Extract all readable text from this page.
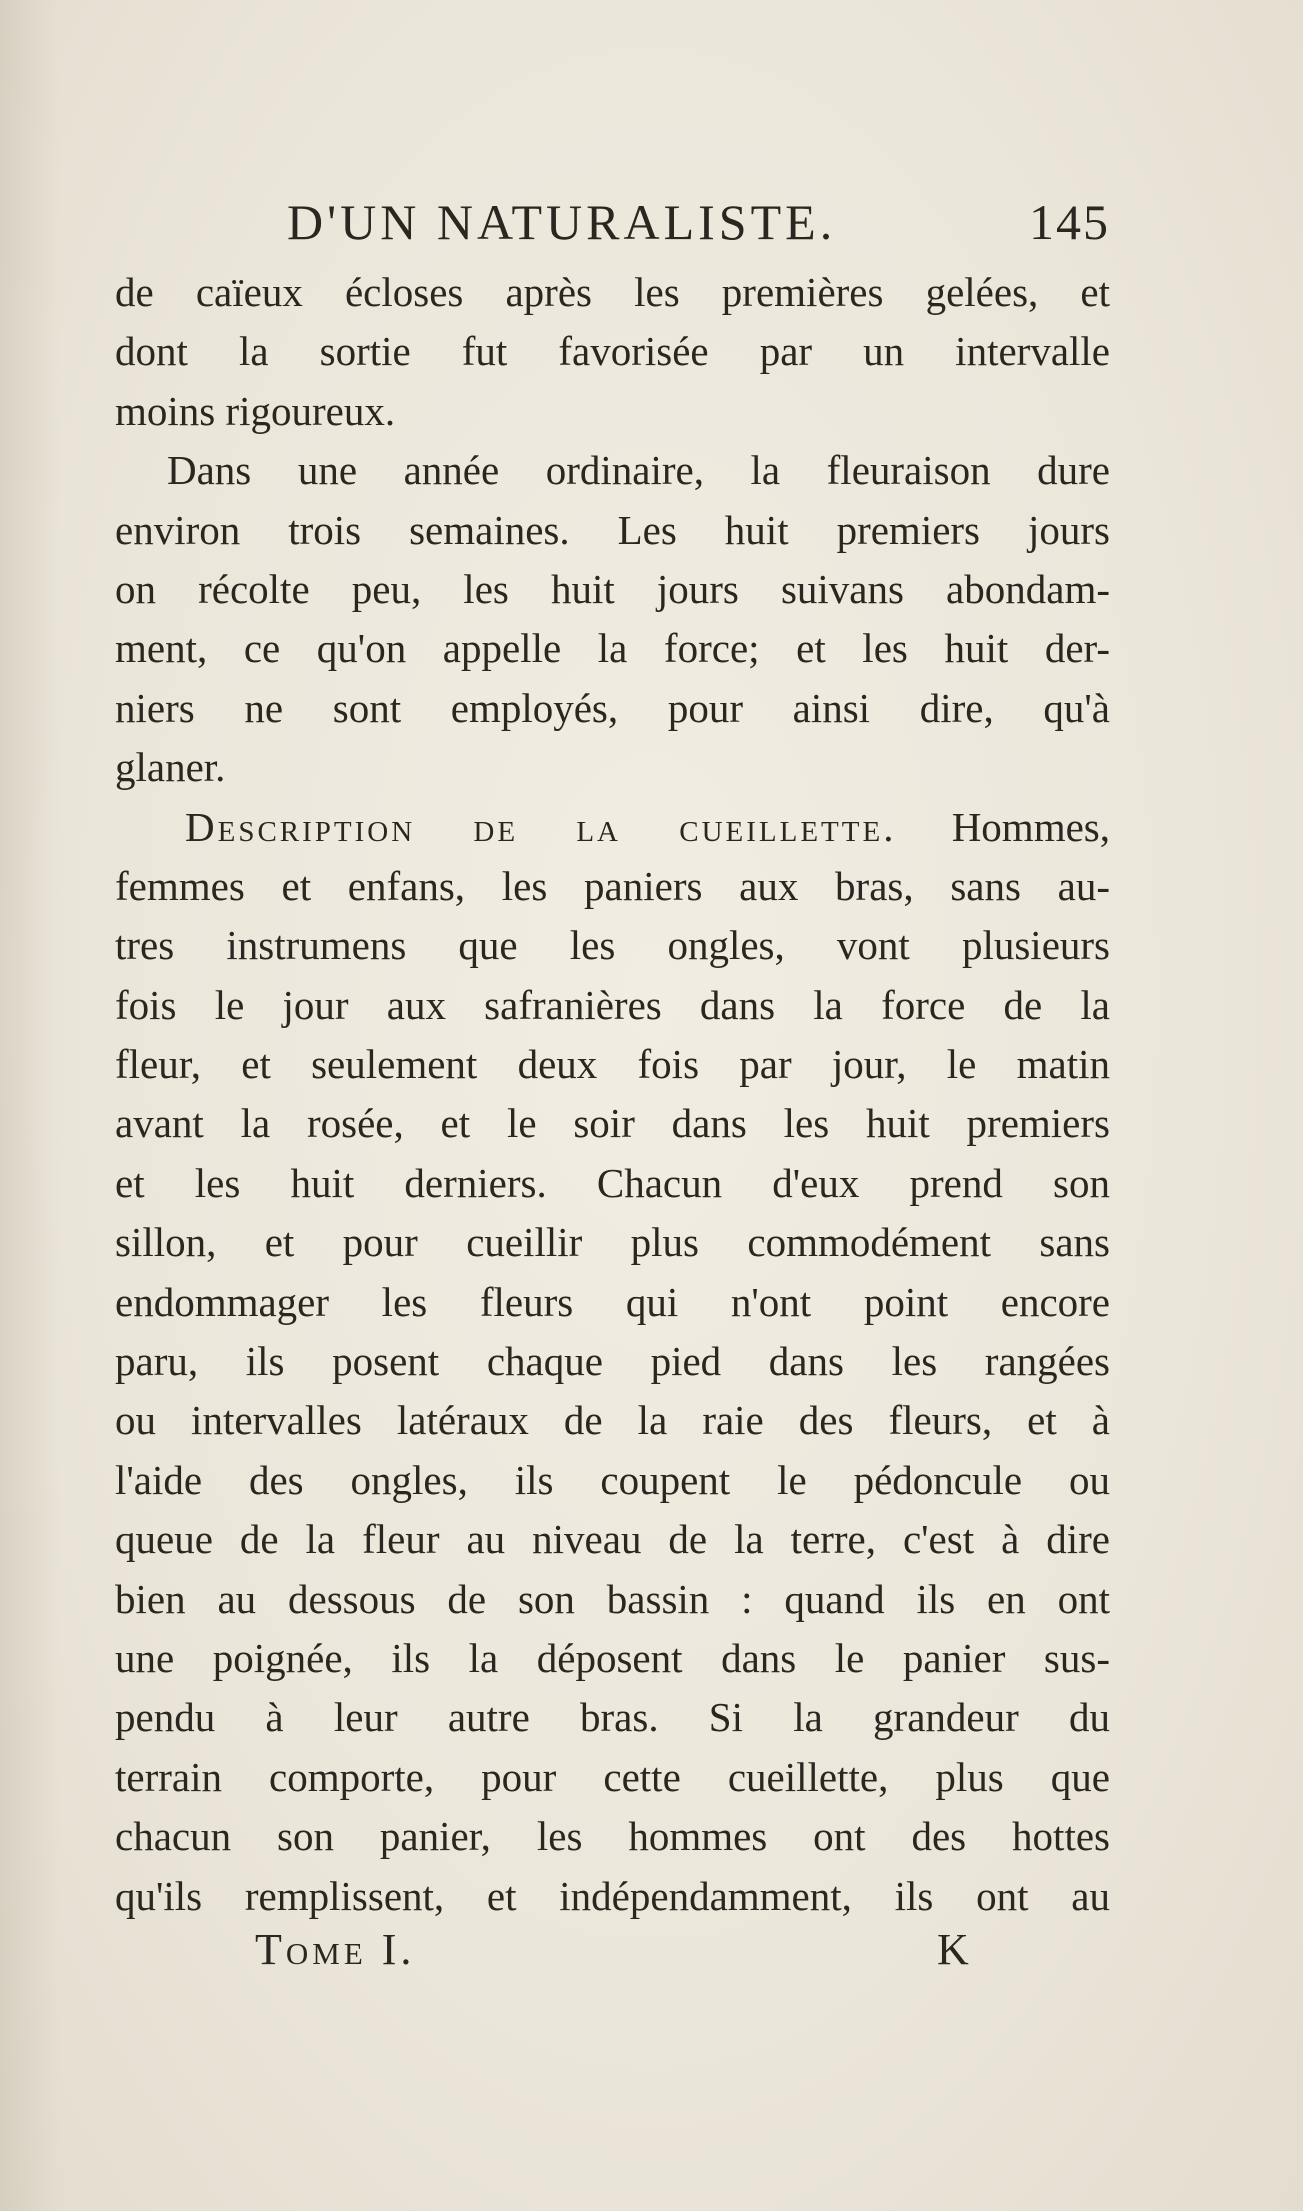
D'UN NATURALISTE.	145
de caïeux écloses après les premières gelées, et
dont la sortie fut favorisée par un intervalle
moins rigoureux.
Dans une année ordinaire, la fleuraison dure
environ trois semaines. Les huit premiers jours
on récolte peu, les huit jours suivans abondam-
ment, ce qu'on appelle la force; et les huit der-
niers ne sont employés, pour ainsi dire, qu'à
glaner.
Description de la cueillette. Hommes,
femmes et enfans, les paniers aux bras, sans au-
tres instrumens que les ongles, vont plusieurs
fois le jour aux safranières dans la force de la
fleur, et seulement deux fois par jour, le matin
avant la rosée, et le soir dans les huit premiers
et les huit derniers. Chacun d'eux prend son
sillon, et pour cueillir plus commodément sans
endommager les fleurs qui n'ont point encore
paru, ils posent chaque pied dans les rangées
ou intervalles latéraux de la raie des fleurs, et à
l'aide des ongles, ils coupent le pédoncule ou
queue de la fleur au niveau de la terre, c'est à dire
bien au dessous de son bassin : quand ils en ont
une poignée, ils la déposent dans le panier sus-
pendu à leur autre bras. Si la grandeur du
terrain comporte, pour cette cueillette, plus que
chacun son panier, les hommes ont des hottes
qu'ils remplissent, et indépendamment, ils ont au
Tome I.	K
